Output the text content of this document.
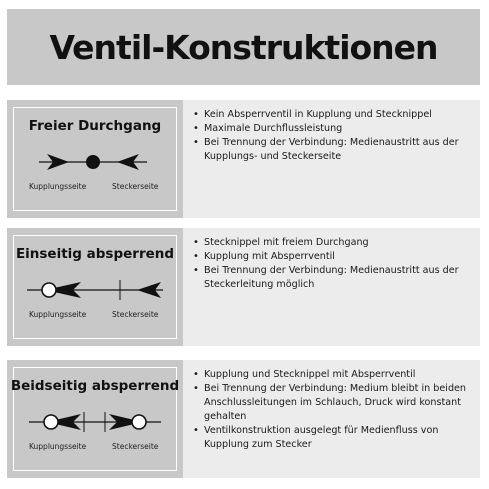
Ventil-Konstruktionen
Freier Durchgang
Kupplungsseite	Steckerseite
• Kein Absperrventil in Kupplung und Stecknippel
• Maximale Durchflussleistung
• Bei Trennung der Verbindung: Medienaustritt aus der Kupplungs- und Steckerseite
Einseitig absperrend
Kupplungsseite	Steckerseite
• Stecknippel mit freiem Durchgang
• Kupplung mit Absperrventil
• Bei Trennung der Verbindung: Medienaustritt aus der Steckerleitung möglich
Beidseitig absperrend
Kupplungsseite	Steckerseite
• Kupplung und Stecknippel mit Absperrventil
• Bei Trennung der Verbindung: Medium bleibt in beiden Anschlussleitungen im Schlauch, Druck wird konstant gehalten
• Ventilkonstruktion ausgelegt für Medienfluss von Kupplung zum Stecker
